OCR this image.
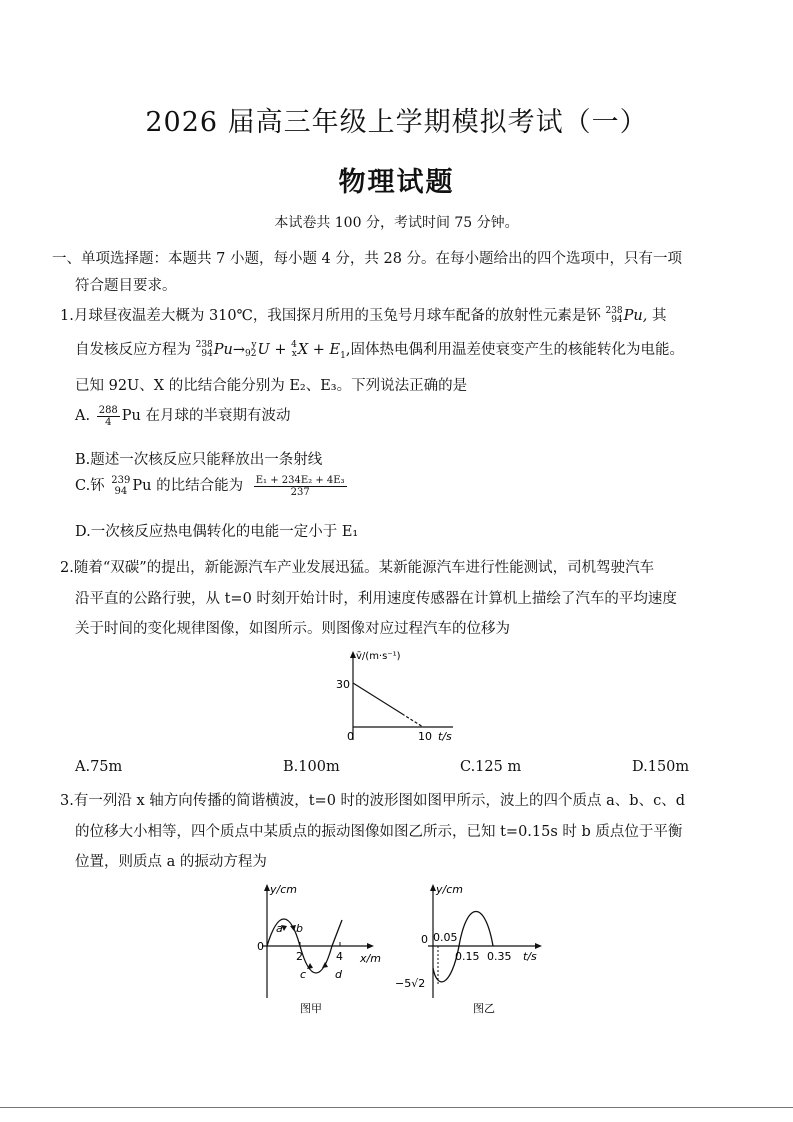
2026 届高三年级上学期模拟考试（一）
物理试题
本试卷共 100 分，考试时间 75 分钟。
一、单项选择题：本题共 7 小题，每小题 4 分，共 28 分。在每小题给出的四个选项中，只有一项
符合题目要求。
1.月球昼夜温差大概为 310℃，我国探月所用的玉兔号月球车配备的放射性元素是钚 238
94 Pu, 其
自发核反应方程为 238
94 Pu→ y
92 U + 4
x $X + E_1$,固体热电偶利用温差使衰变产生的核能转化为电能。
已知 92U、X 的比结合能分别为 E₂、E₃。下列说法正确的是
A. $\frac{288}{4}$ Pu 在月球的半衰期有波动
B.题述一次核反应只能释放出一条射线
C.钚 239
94 Pu 的比结合能为 $\frac{\text{E₁ + 234E₂ + 4E₃}}{237}$
D.一次核反应热电偶转化的电能一定小于 E₁
2.随着“双碳”的提出，新能源汽车产业发展迅猛。某新能源汽车进行性能测试，司机驾驶汽车
沿平直的公路行驶，从 t=0 时刻开始计时，利用速度传感器在计算机上描绘了汽车的平均速度
关于时间的变化规律图像，如图所示。则图像对应过程汽车的位移为
v̄/(m·s⁻¹)
30
0	10 t/s
A.75m	B.100m	C.125 m	D.150m
3.有一列沿 x 轴方向传播的简谐横波，t=0 时的波形图如图甲所示，波上的四个质点 a、b、c、d
的位移大小相等，四个质点中某质点的振动图像如图乙所示，已知 t=0.15s 时 b 质点位于平衡
位置，则质点 a 的振动方程为
y/cm
0
2	4 x/m
a b
c	d
图甲
y/cm
0 0.05
0.15 0.35 t/s
−5√2
图乙
